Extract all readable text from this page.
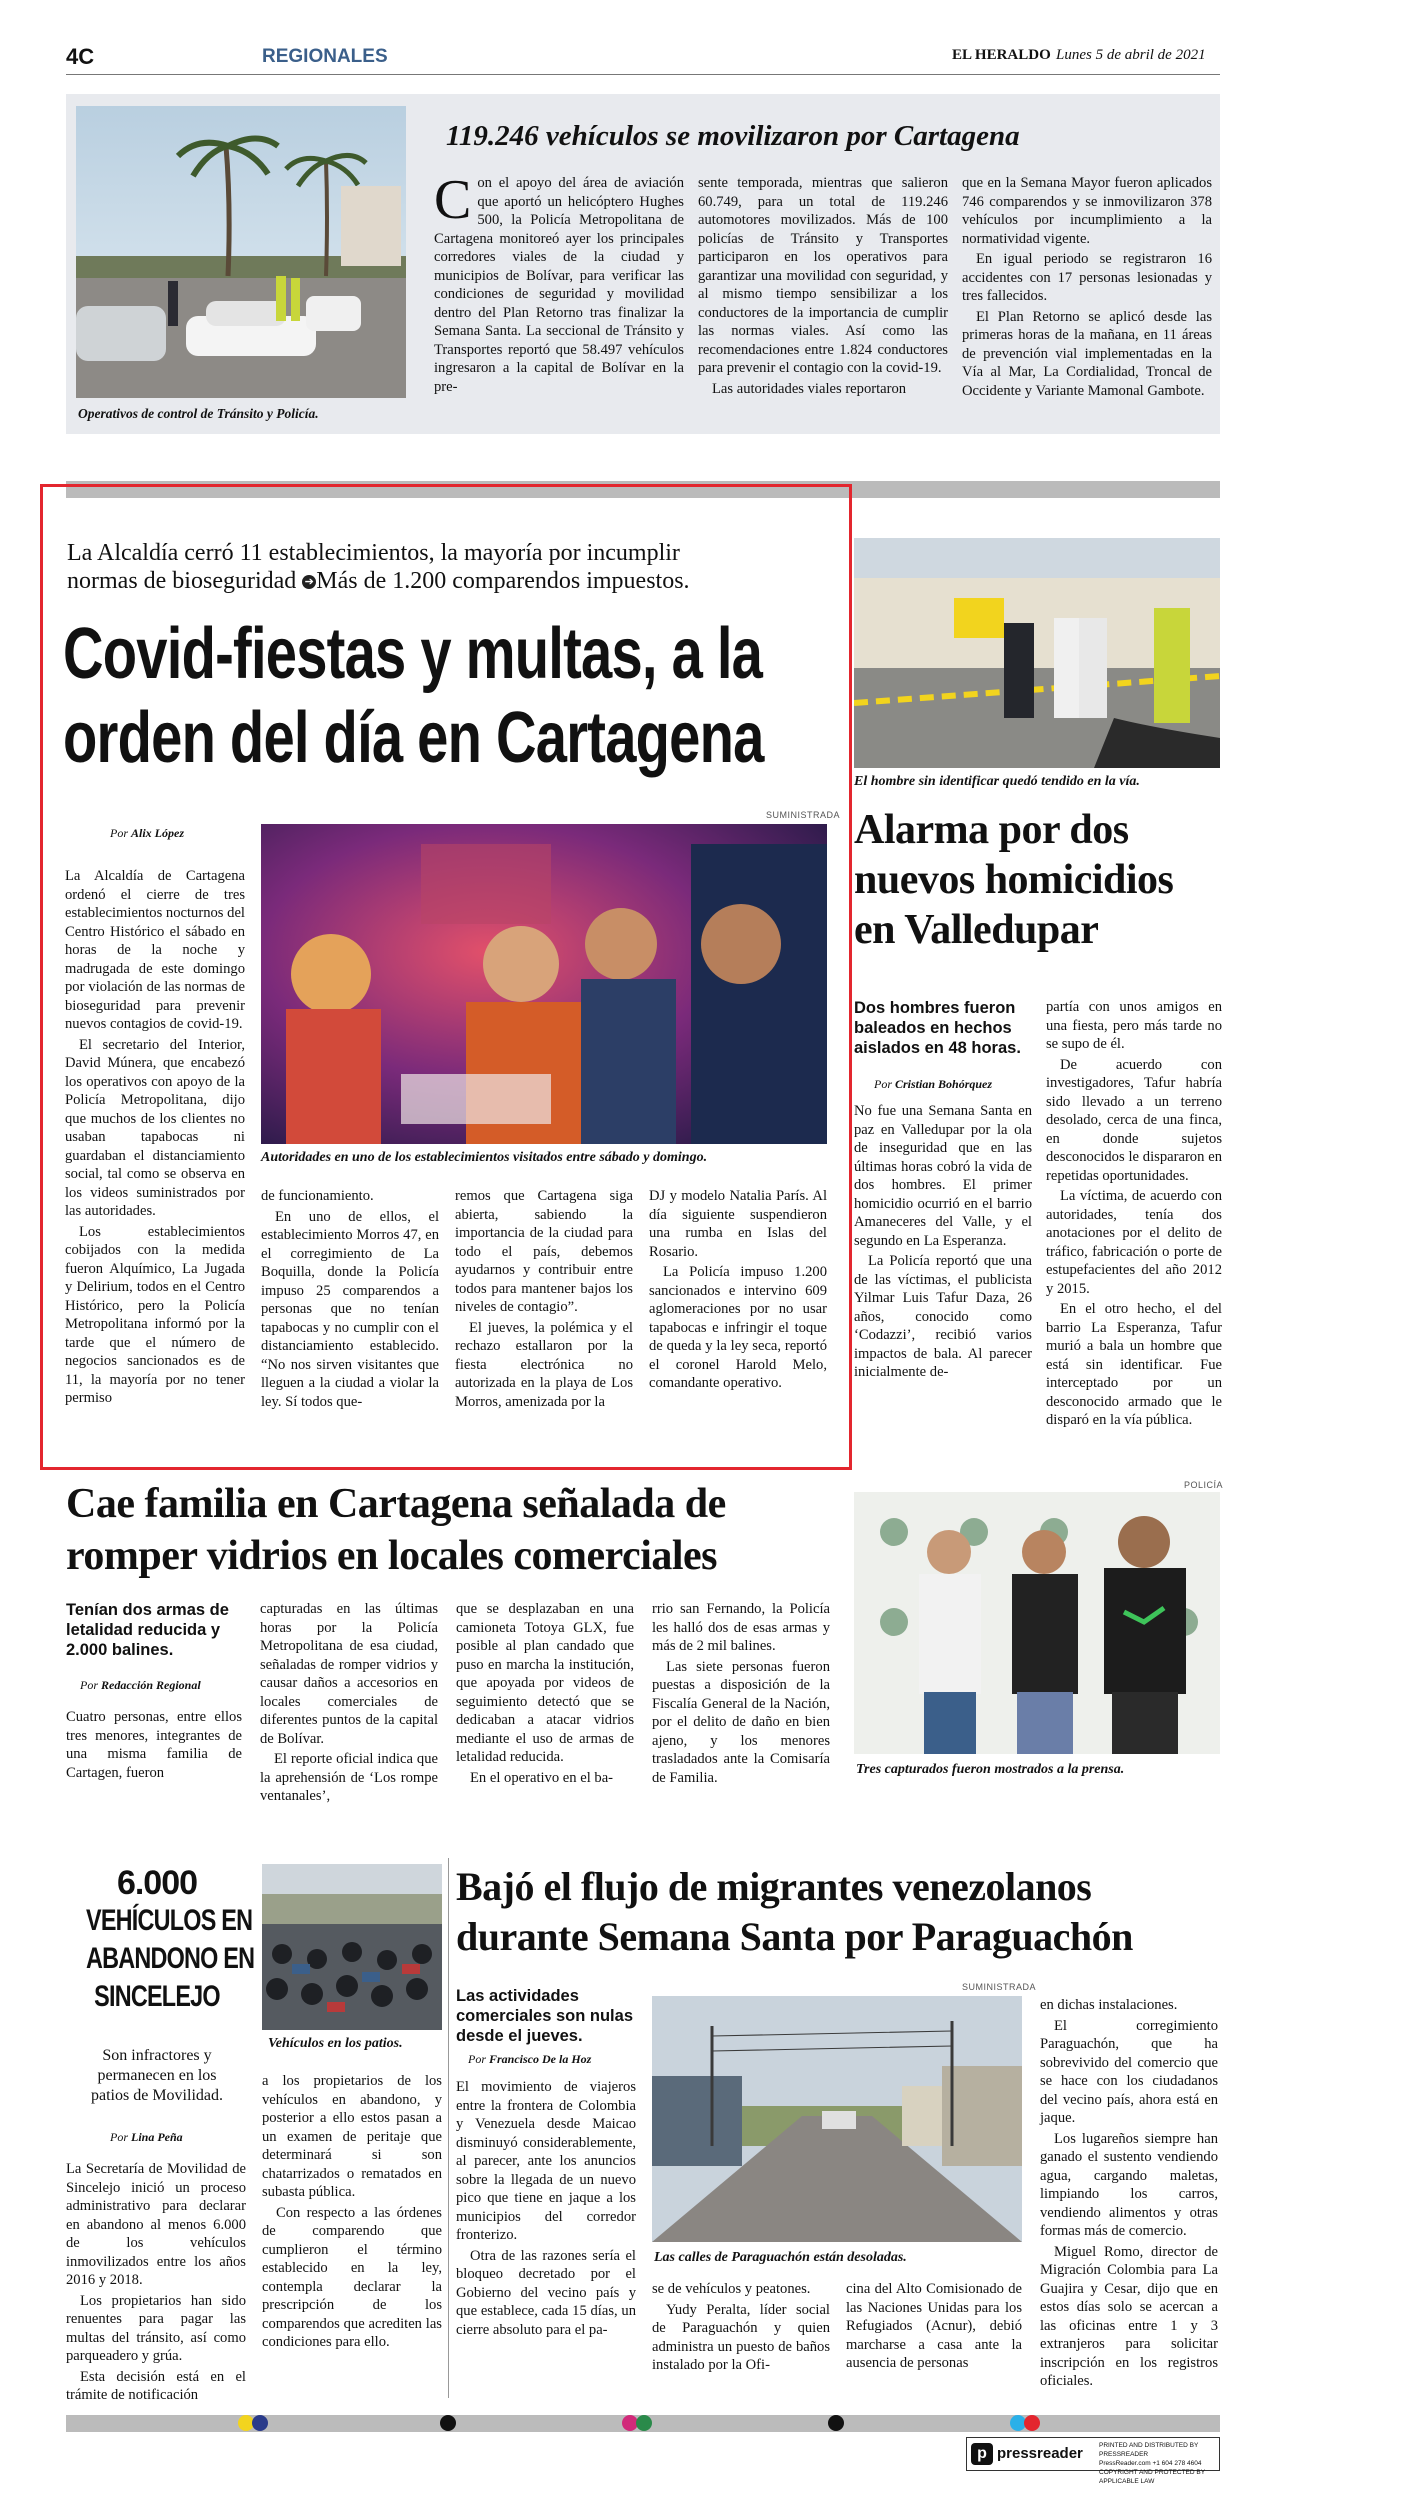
4C	REGIONALES	EL HERALDO Lunes 5 de abril de 2021
Operativos de control de Tránsito y Policía.
119.246 vehículos se movilizaron por Cartagena
Con el apoyo del área de aviación que aportó un helicóptero Hughes 500, la Policía Metropolitana de Cartagena monitoreó ayer los principales corredores viales de la ciudad y municipios de Bolívar, para verificar las condiciones de seguridad y movilidad dentro del Plan Retorno tras finalizar la Semana Santa. La seccional de Tránsito y Transportes reportó que 58.497 vehículos ingresaron a la capital de Bolívar en la pre-

sente temporada, mientras que salieron 60.749, para un total de 119.246 automotores movilizados. Más de 100 policías de Tránsito y Transportes participaron en los operativos para garantizar una movilidad con seguridad, y al mismo tiempo sensibilizar a los conductores de la importancia de cumplir las normas viales. Así como las recomendaciones entre 1.824 conductores para prevenir el contagio con la covid-19.

Las autoridades viales reportaron

que en la Semana Mayor fueron aplicados 746 comparendos y se inmovilizaron 378 vehículos por incumplimiento a la normatividad vigente.

En igual periodo se registraron 16 accidentes con 17 personas lesionadas y tres fallecidos.

El Plan Retorno se aplicó desde las primeras horas de la mañana, en 11 áreas de prevención vial implementadas en la Vía al Mar, La Cordialidad, Troncal de Occidente y Variante Mamonal Gambote.

La Alcaldía cerró 11 establecimientos, la mayoría por incumplir
normas de bioseguridad ➔Más de 1.200 comparendos impuestos.
Covid-fiestas y multas, a la
orden del día en Cartagena
Por Alix López
SUMINISTRADA
Autoridades en uno de los establecimientos visitados entre sábado y domingo.

La Alcaldía de Cartagena ordenó el cierre de tres establecimientos nocturnos del Centro Histórico el sábado en horas de la noche y madrugada de este domingo por violación de las normas de bioseguridad para prevenir nuevos contagios de covid-19.

El secretario del Interior, David Múnera, que encabezó los operativos con apoyo de la Policía Metropolitana, dijo que muchos de los clientes no usaban tapabocas ni guardaban el distanciamiento social, tal como se observa en los videos suministrados por las autoridades.

Los establecimientos cobijados con la medida fueron Alquímico, La Jugada y Delirium, todos en el Centro Histórico, pero la Policía Metropolitana informó por la tarde que el número de negocios sancionados es de 11, la mayoría por no tener permiso

de funcionamiento.

En uno de ellos, el establecimiento Morros 47, en el corregimiento de La Boquilla, donde la Policía impuso 25 comparendos a personas que no tenían tapabocas y no cumplir con el distanciamiento establecido. “No nos sirven visitantes que lleguen a la ciudad a violar la ley. Sí todos que-

remos que Cartagena siga abierta, sabiendo la importancia de la ciudad para todo el país, debemos ayudarnos y contribuir entre todos para mantener bajos los niveles de contagio”.

El jueves, la polémica y el rechazo estallaron por la fiesta electrónica no autorizada en la playa de Los Morros, amenizada por la

DJ y modelo Natalia París. Al día siguiente suspendieron una rumba en Islas del Rosario.

La Policía impuso 1.200 sancionados e intervino 609 aglomeraciones por no usar tapabocas e infringir el toque de queda y la ley seca, reportó el coronel Harold Melo, comandante operativo.

El hombre sin identificar quedó tendido en la vía.
Alarma por dos
nuevos homicidios
en Valledupar
Dos hombres fueron baleados en hechos aislados en 48 horas.
Por Cristian Bohórquez

No fue una Semana Santa en paz en Valledupar por la ola de inseguridad que en las últimas horas cobró la vida de dos hombres. El primer homicidio ocurrió en el barrio Amaneceres del Valle, y el segundo en La Esperanza.

La Policía reportó que una de las víctimas, el publicista Yilmar Luis Tafur Daza, 26 años, conocido como ‘Codazzi’, recibió varios impactos de bala. Al parecer inicialmente de-

partía con unos amigos en una fiesta, pero más tarde no se supo de él.

De acuerdo con investigadores, Tafur habría sido llevado a un terreno desolado, cerca de una finca, en donde sujetos desconocidos le dispararon en repetidas oportunidades.

La víctima, de acuerdo con autoridades, tenía dos anotaciones por el delito de tráfico, fabricación o porte de estupefacientes del año 2012 y 2015.

En el otro hecho, el del barrio La Esperanza, Tafur murió a bala un hombre que está sin identificar. Fue interceptado por un desconocido armado que le disparó en la vía pública.

Cae familia en Cartagena señalada de
romper vidrios en locales comerciales
Tenían dos armas de letalidad reducida y 2.000 balines.
Por Redacción Regional

Cuatro personas, entre ellos tres menores, integrantes de una misma familia de Cartagen, fueron

capturadas en las últimas horas por la Policía Metropolitana de esa ciudad, señaladas de romper vidrios y causar daños a accesorios en locales comerciales de diferentes puntos de la capital de Bolívar.

El reporte oficial indica que la aprehensión de ‘Los rompe ventanales’,

que se desplazaban en una camioneta Totoya GLX, fue posible al plan candado que puso en marcha la institución, que apoyada por videos de seguimiento detectó que se dedicaban a atacar vidrios mediante el uso de armas de letalidad reducida.

En el operativo en el ba-

rrio san Fernando, la Policía les halló dos de esas armas y más de 2 mil balines.

Las siete personas fueron puestas a disposición de la Fiscalía General de la Nación, por el delito de daño en bien ajeno, y los menores trasladados ante la Comisaría de Familia.

POLICÍA
Tres capturados fueron mostrados a la prensa.
6.000
VEHÍCULOS EN
ABANDONO EN
SINCELEJO
Son infractores y permanecen en los patios de Movilidad.
Por Lina Peña
Vehículos en los patios.

La Secretaría de Movilidad de Sincelejo inició un proceso administrativo para declarar en abandono al menos 6.000 de los vehículos inmovilizados entre los años 2016 y 2018.

Los propietarios han sido renuentes para pagar las multas del tránsito, así como parqueadero y grúa.

Esta decisión está en el trámite de notificación

a los propietarios de los vehículos en abandono, y posterior a ello estos pasan a un examen de peritaje que determinará si son chatarrizados o rematados en subasta pública.

Con respecto a las órdenes de comparendo que cumplieron el término establecido en la ley, contempla declarar la prescripción de los comparendos que acrediten las condiciones para ello.

Bajó el flujo de migrantes venezolanos
durante Semana Santa por Paraguachón
Las actividades comerciales son nulas desde el jueves.
Por Francisco De la Hoz
SUMINISTRADA
Las calles de Paraguachón están desoladas.

El movimiento de viajeros entre la frontera de Colombia y Venezuela desde Maicao disminuyó considerablemente, al parecer, ante los anuncios sobre la llegada de un nuevo pico que tiene en jaque a los municipios del corredor fronterizo.

Otra de las razones sería el bloqueo decretado por el Gobierno del vecino país y que establece, cada 15 días, un cierre absoluto para el pa-

se de vehículos y peatones.

Yudy Peralta, líder social de Paraguachón y quien administra un puesto de baños instalado por la Ofi-

cina del Alto Comisionado de las Naciones Unidas para los Refugiados (Acnur), debió marcharse a casa ante la ausencia de personas

en dichas instalaciones.

El corregimiento Paraguachón, que ha sobrevivido del comercio que se hace con los ciudadanos del vecino país, ahora está en jaque.

Los lugareños siempre han ganado el sustento vendiendo agua, cargando maletas, limpiando los carros, vendiendo alimentos y otras formas más de comercio.

Miguel Romo, director de Migración Colombia para La Guajira y Cesar, dijo que en estos días solo se acercan a las oficinas entre 1 y 3 extranjeros para solicitar inscripción en los registros oficiales.

p pressreader PRINTED AND DISTRIBUTED BY PRESSREADER
PressReader.com +1 604 278 4604
COPYRIGHT AND PROTECTED BY APPLICABLE LAW
